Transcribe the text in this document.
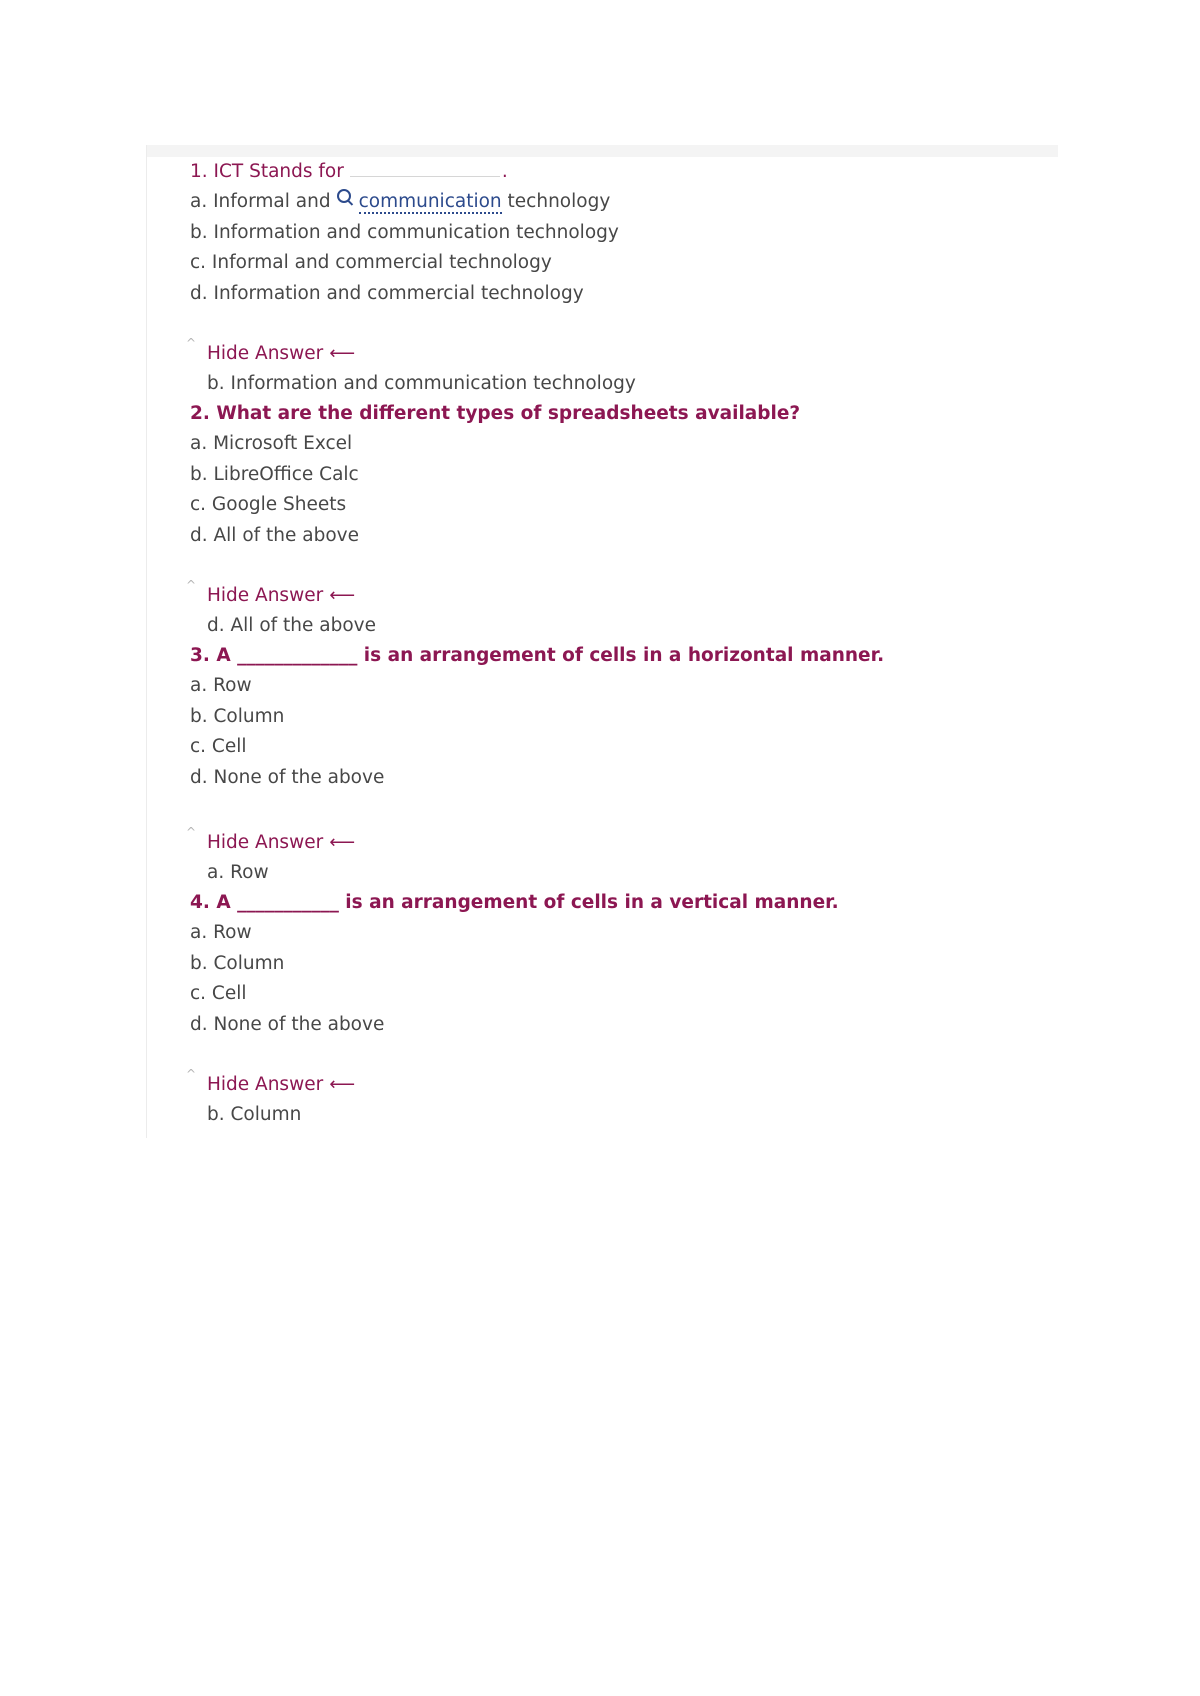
1. ICT Stands for	.
a. Informal and communication technology
b. Information and communication technology
c. Informal and commercial technology
d. Information and commercial technology
^ Hide Answer ⟵
b. Information and communication technology
2. What are the different types of spreadsheets available?
a. Microsoft Excel
b. LibreOffice Calc
c. Google Sheets
d. All of the above
^ Hide Answer ⟵
d. All of the above
3. A _____________ is an arrangement of cells in a horizontal manner.
a. Row
b. Column
c. Cell
d. None of the above
^ Hide Answer ⟵
a. Row
4. A ___________ is an arrangement of cells in a vertical manner.
a. Row
b. Column
c. Cell
d. None of the above
^ Hide Answer ⟵
b. Column
